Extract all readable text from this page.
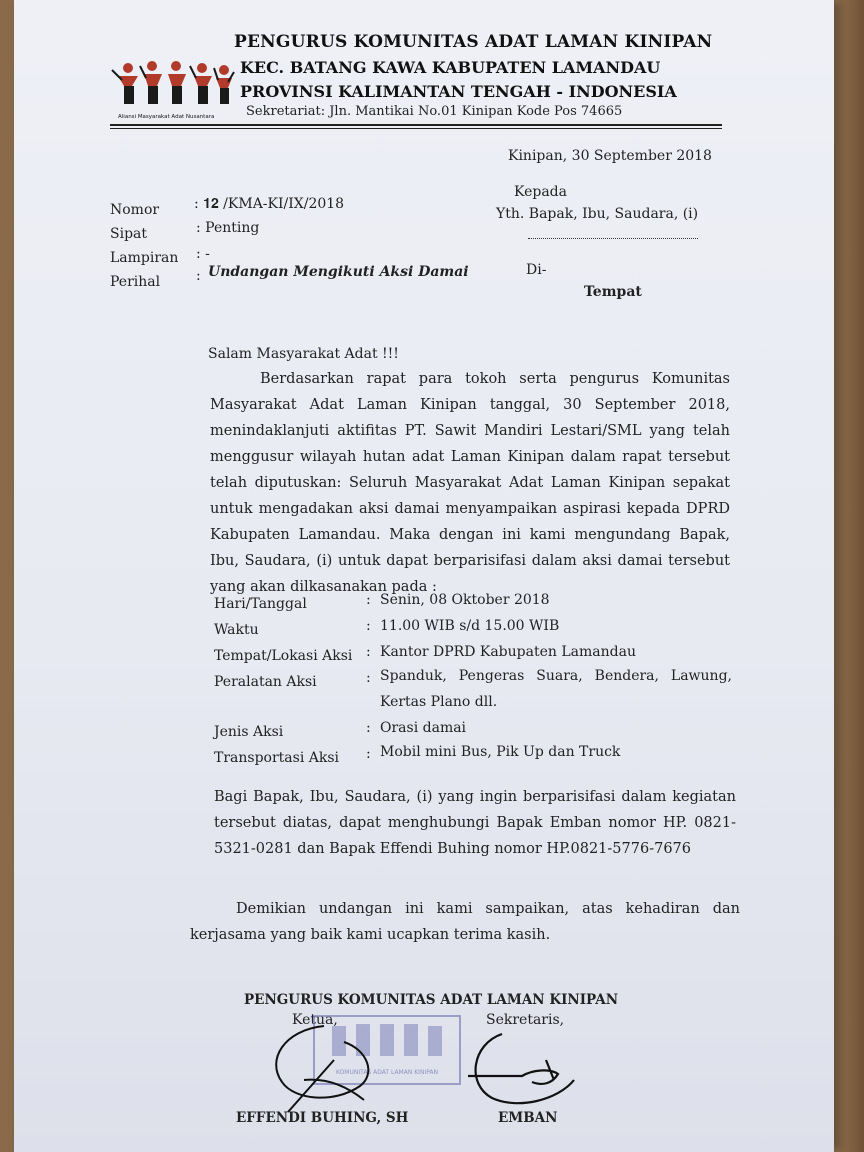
Aliansi Masyarakat Adat Nusantara
PENGURUS KOMUNITAS ADAT LAMAN KINIPAN
KEC. BATANG KAWA KABUPATEN LAMANDAU
PROVINSI KALIMANTAN TENGAH - INDONESIA
Sekretariat: Jln. Mantikai No.01 Kinipan Kode Pos 74665
Kinipan, 30 September 2018
Nomor : 𝟏𝟐 /KMA-KI/IX/2018
Sipat	: Penting
Lampiran : -
Perihal	: Undangan Mengikuti Aksi Damai
Kepada
Yth. Bapak, Ibu, Saudara, (i)
Di-
Tempat
Salam Masyarakat Adat !!!
Berdasarkan rapat para tokoh serta pengurus Komunitas Masyarakat Adat Laman Kinipan tanggal, 30 September 2018, menindaklanjuti aktifitas PT. Sawit Mandiri Lestari/SML yang telah menggusur wilayah hutan adat Laman Kinipan dalam rapat tersebut telah diputuskan: Seluruh Masyarakat Adat Laman Kinipan sepakat untuk mengadakan aksi damai menyampaikan aspirasi kepada DPRD Kabupaten Lamandau. Maka dengan ini kami mengundang Bapak, Ibu, Saudara, (i) untuk dapat berparisifasi dalam aksi damai tersebut yang akan dilkasanakan pada :
Hari/Tanggal	: Senin, 08 Oktober 2018
Waktu	: 11.00 WIB s/d 15.00 WIB
Tempat/Lokasi Aksi : Kantor DPRD Kabupaten Lamandau
Peralatan Aksi	: Spanduk, Pengeras Suara, Bendera, Lawung,
Kertas Plano dll.
Jenis Aksi	: Orasi damai
Transportasi Aksi : Mobil mini Bus, Pik Up dan Truck
Bagi Bapak, Ibu, Saudara, (i) yang ingin berparisifasi dalam kegiatan tersebut diatas, dapat menghubungi Bapak Emban nomor HP. 0821-5321-0281 dan Bapak Effendi Buhing nomor HP.0821-5776-7676
Demikian undangan ini kami sampaikan, atas kehadiran dan kerjasama yang baik kami ucapkan terima kasih.
PENGURUS KOMUNITAS ADAT LAMAN KINIPAN
Ketua,	Sekretaris,
KOMUNITAS ADAT LAMAN KINIPAN
EFFENDI BUHING, SH	EMBAN
